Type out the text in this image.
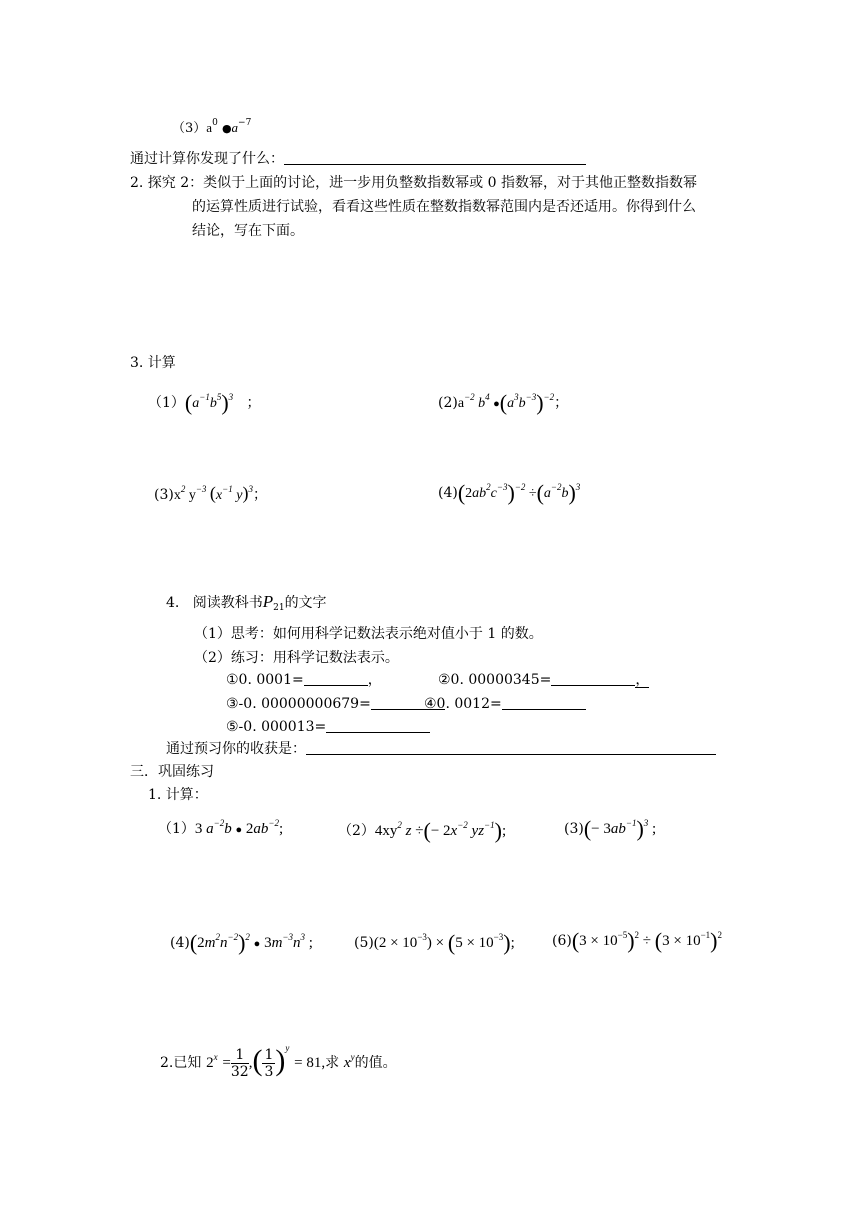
$(3)a^0$ $●a^{-7}$
通过计算你发现了什么：
2. 探究 2：类似于上面的讨论，进一步用负整数指数幂或 0 指数幂，对于其他正整数指数幂
的运算性质进行试验，看看这些性质在整数指数幂范围内是否还适用。你得到什么
结论，写在下面。
3. 计算
$(1)(a^{-1}b^5)^3$ ；	$(2)a^{-2}$ $b^4$ $●(a^3b^{-3})^{-2}$；
$(3)x^2$ $y^{-3}$ ($x^{-1}$ y)$^3$；	$(4)(2ab^2c^{-3})^{-2} \div(a^{-2}b)^3$
4. 阅读教科书$P_{21}$的文字
（1）思考：如何用科学记数法表示绝对值小于 1 的数。
（2）练习：用科学记数法表示。
①0. 0001=	，	②0. 00000345=	，
③-0. 00000000679=	④0. 0012=
⑤-0. 000013=
通过预习你的收获是：
三．巩固练习
1. 计算：
（1）3 $a^{-2}b$ ● $2ab^{-2}$;	$(2)4xy^2$ z ÷(− $2x^{-2}$ $yz^{-1}$);	$(3)(- 3ab^{-1})^3$ ;
$(4)(2m^2n^{-2})^2$ ● $3m^{-3}n^3$ ;	$(5)(2 \times 10^{-3}) \times (5 \times 10^{-3})$;	$(6)(3 \times 10^{-5})^2 \div (3 \times 10^{-1})^2$
2.已知 $2^x = \frac{1}{32}$ ,( $\frac{1}{3} )^y = 81$,求 $x^y$的值。
